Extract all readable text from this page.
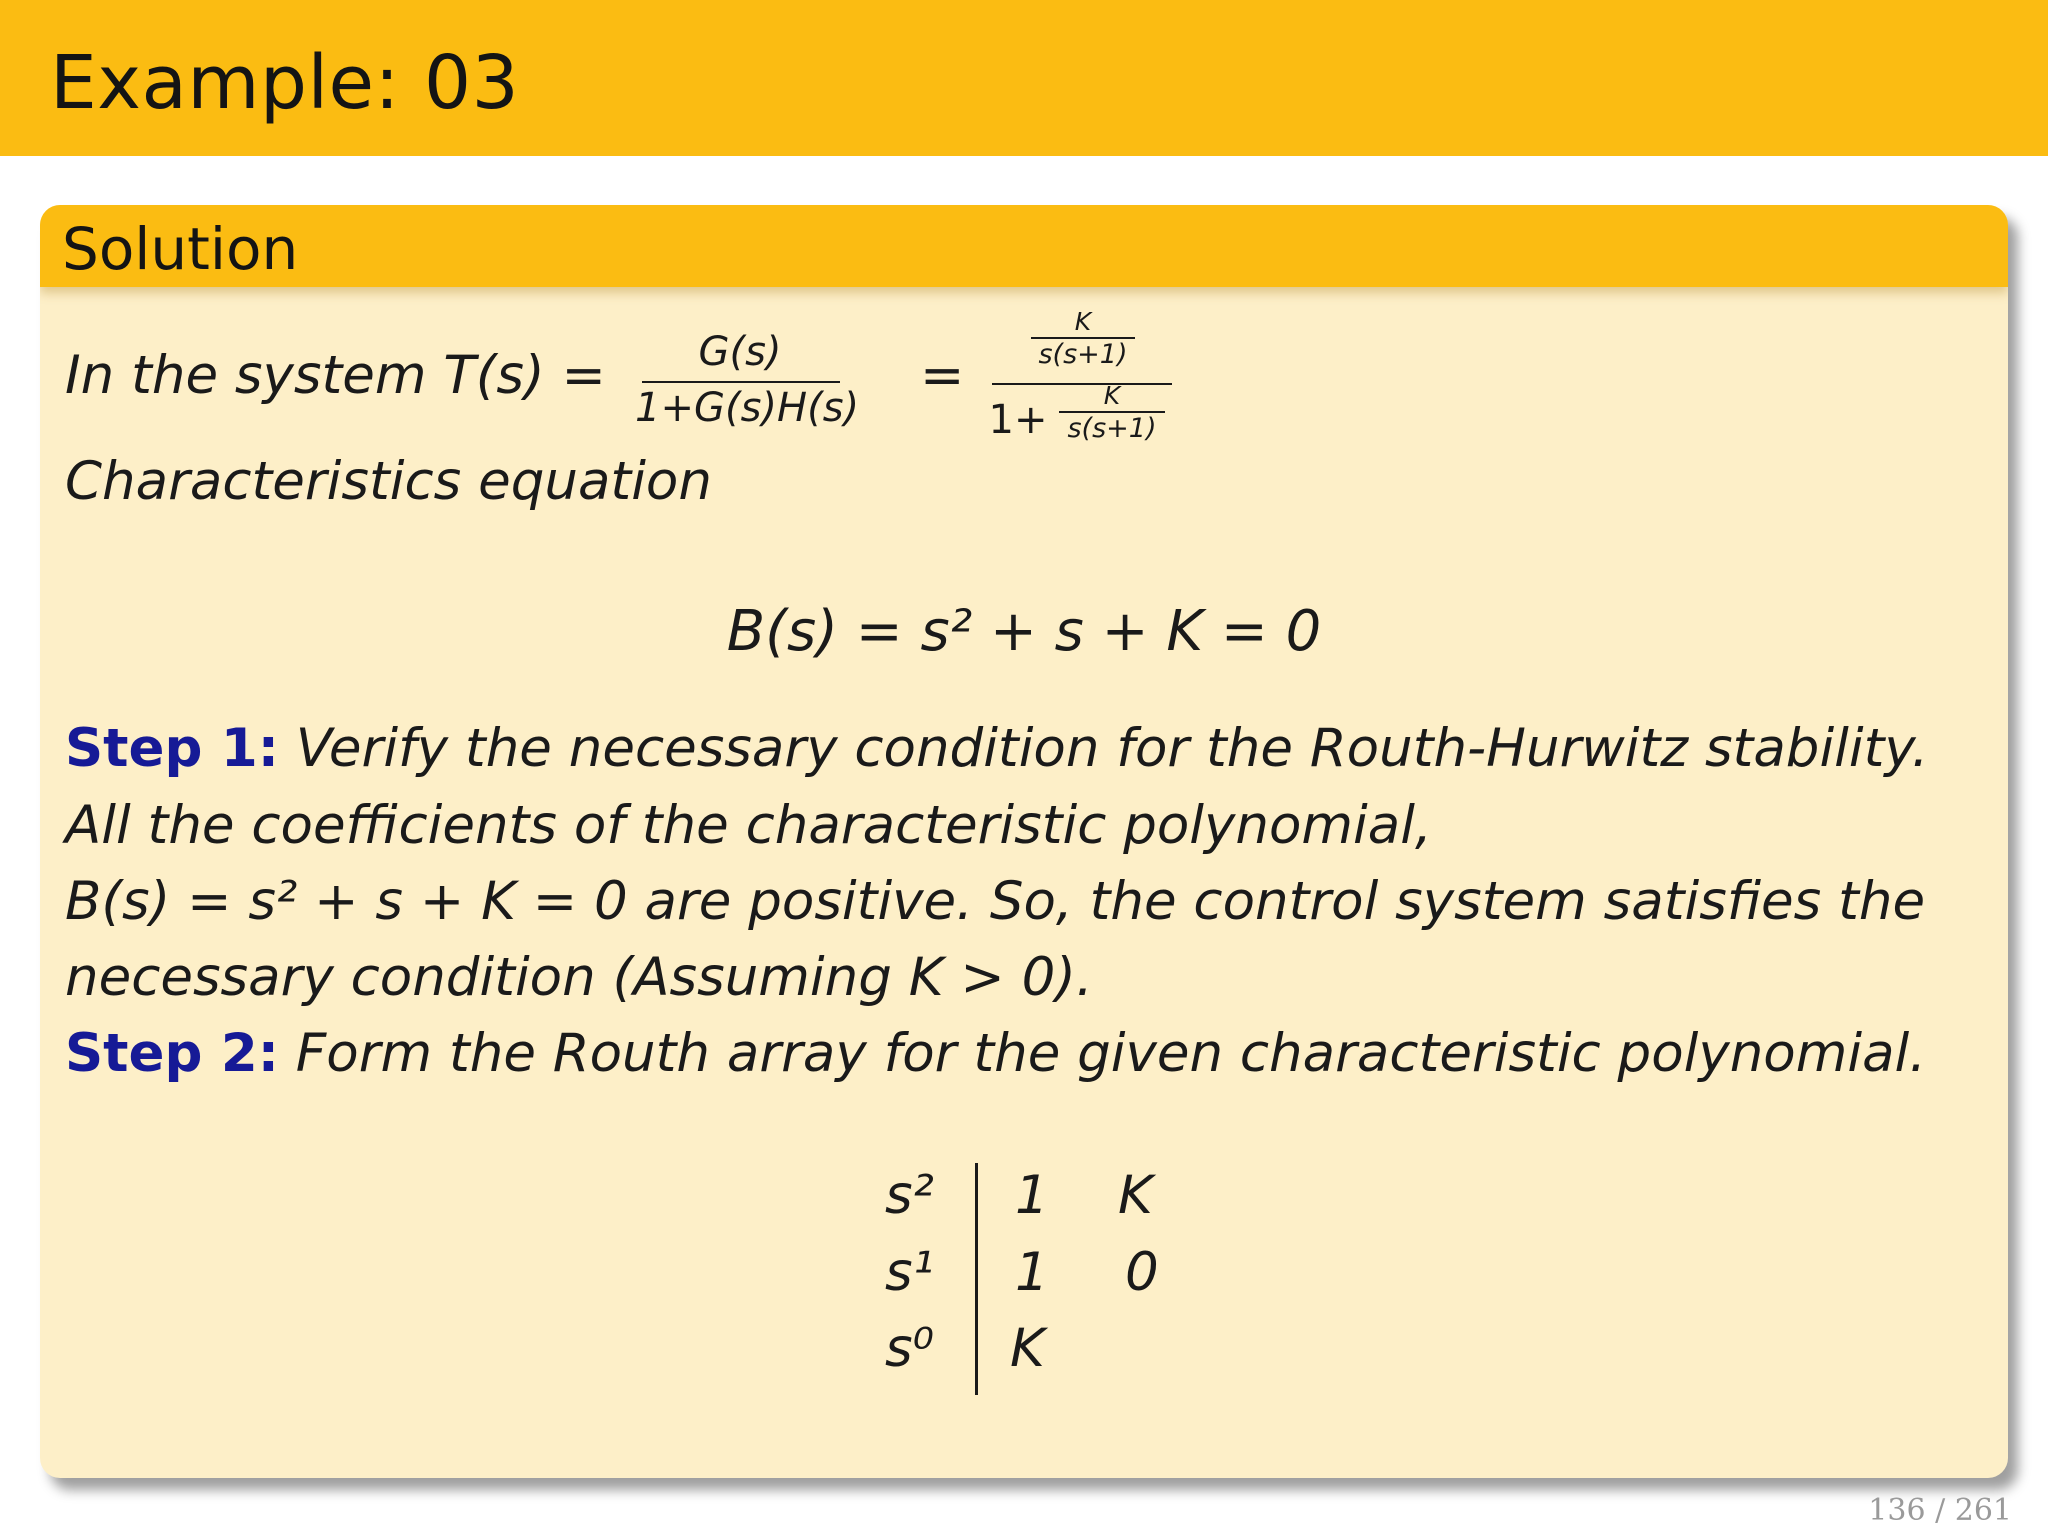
Example: 03
Solution
In the system T(s) =	G(s)
1+G(s)H(s)
=
K
s(s+1)
1+
K
s(s+1)
Characteristics equation
B(s) = s² + s + K = 0
Step 1: Verify the necessary condition for the Routh-Hurwitz stability.
All the coefficients of the characteristic polynomial,
B(s) = s² + s + K = 0 are positive. So, the control system satisfies the
necessary condition (Assuming K > 0).
Step 2: Form the Routh array for the given characteristic polynomial.
s² 1 K
s¹ 1 0
s⁰ K
136 / 261
